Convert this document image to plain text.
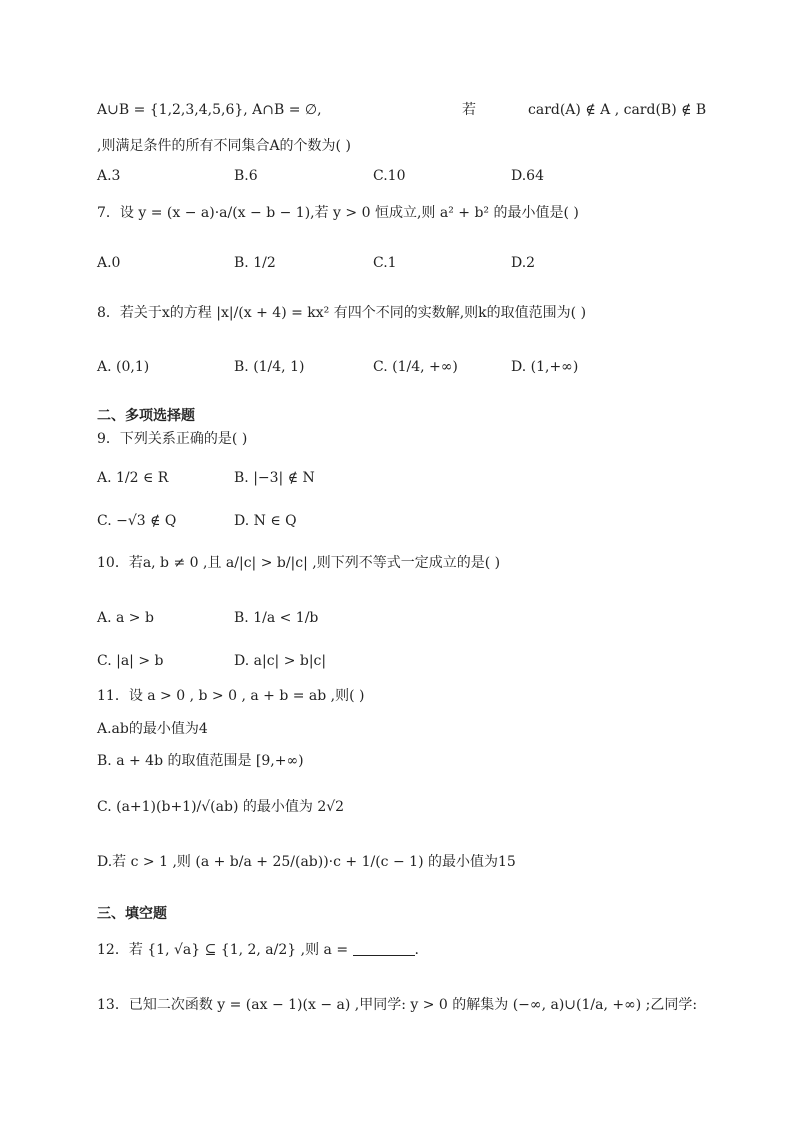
A∪B = {1,2,3,4,5,6}, A∩B = ∅,	若	card(A) ∉ A , card(B) ∉ B
,则满足条件的所有不同集合A的个数为( )
7．设 y = (x − a)·a/(x − b − 1),若 y > 0 恒成立,则 a² + b² 的最小值是( )
8．若关于x的方程 |x|/(x + 4) = kx² 有四个不同的实数解,则k的取值范围为( )
9．下列关系正确的是( )
10．若a, b ≠ 0 ,且 a/|c| > b/|c| ,则下列不等式一定成立的是( )
11．设 a > 0 , b > 0 , a + b = ab ,则( )
A.ab的最小值为4
B. a + 4b 的取值范围是 [9,+∞)
C. (a+1)(b+1)/√(ab) 的最小值为 2√2
D.若 c > 1 ,则 (a + b/a + 25/(ab))·c + 1/(c − 1) 的最小值为15
12．若 {1, √a} ⊆ {1, 2, a/2} ,则 a =	.
13．已知二次函数 y = (ax − 1)(x − a) ,甲同学: y > 0 的解集为 (−∞, a)∪(1/a, +∞) ;乙同学:
A.3	B.6	C.10	D.64
A.0	B. 1/2	C.1	D.2
A. (0,1)	B. (1/4, 1)	C. (1/4, +∞)	D. (1,+∞)
A. 1/2 ∈ R	B. |−3| ∉ N
C. −√3 ∉ Q	D. N ∈ Q
A. a > b	B. 1/a < 1/b
C. |a| > b	D. a|c| > b|c|
二、多项选择题
三、填空题
